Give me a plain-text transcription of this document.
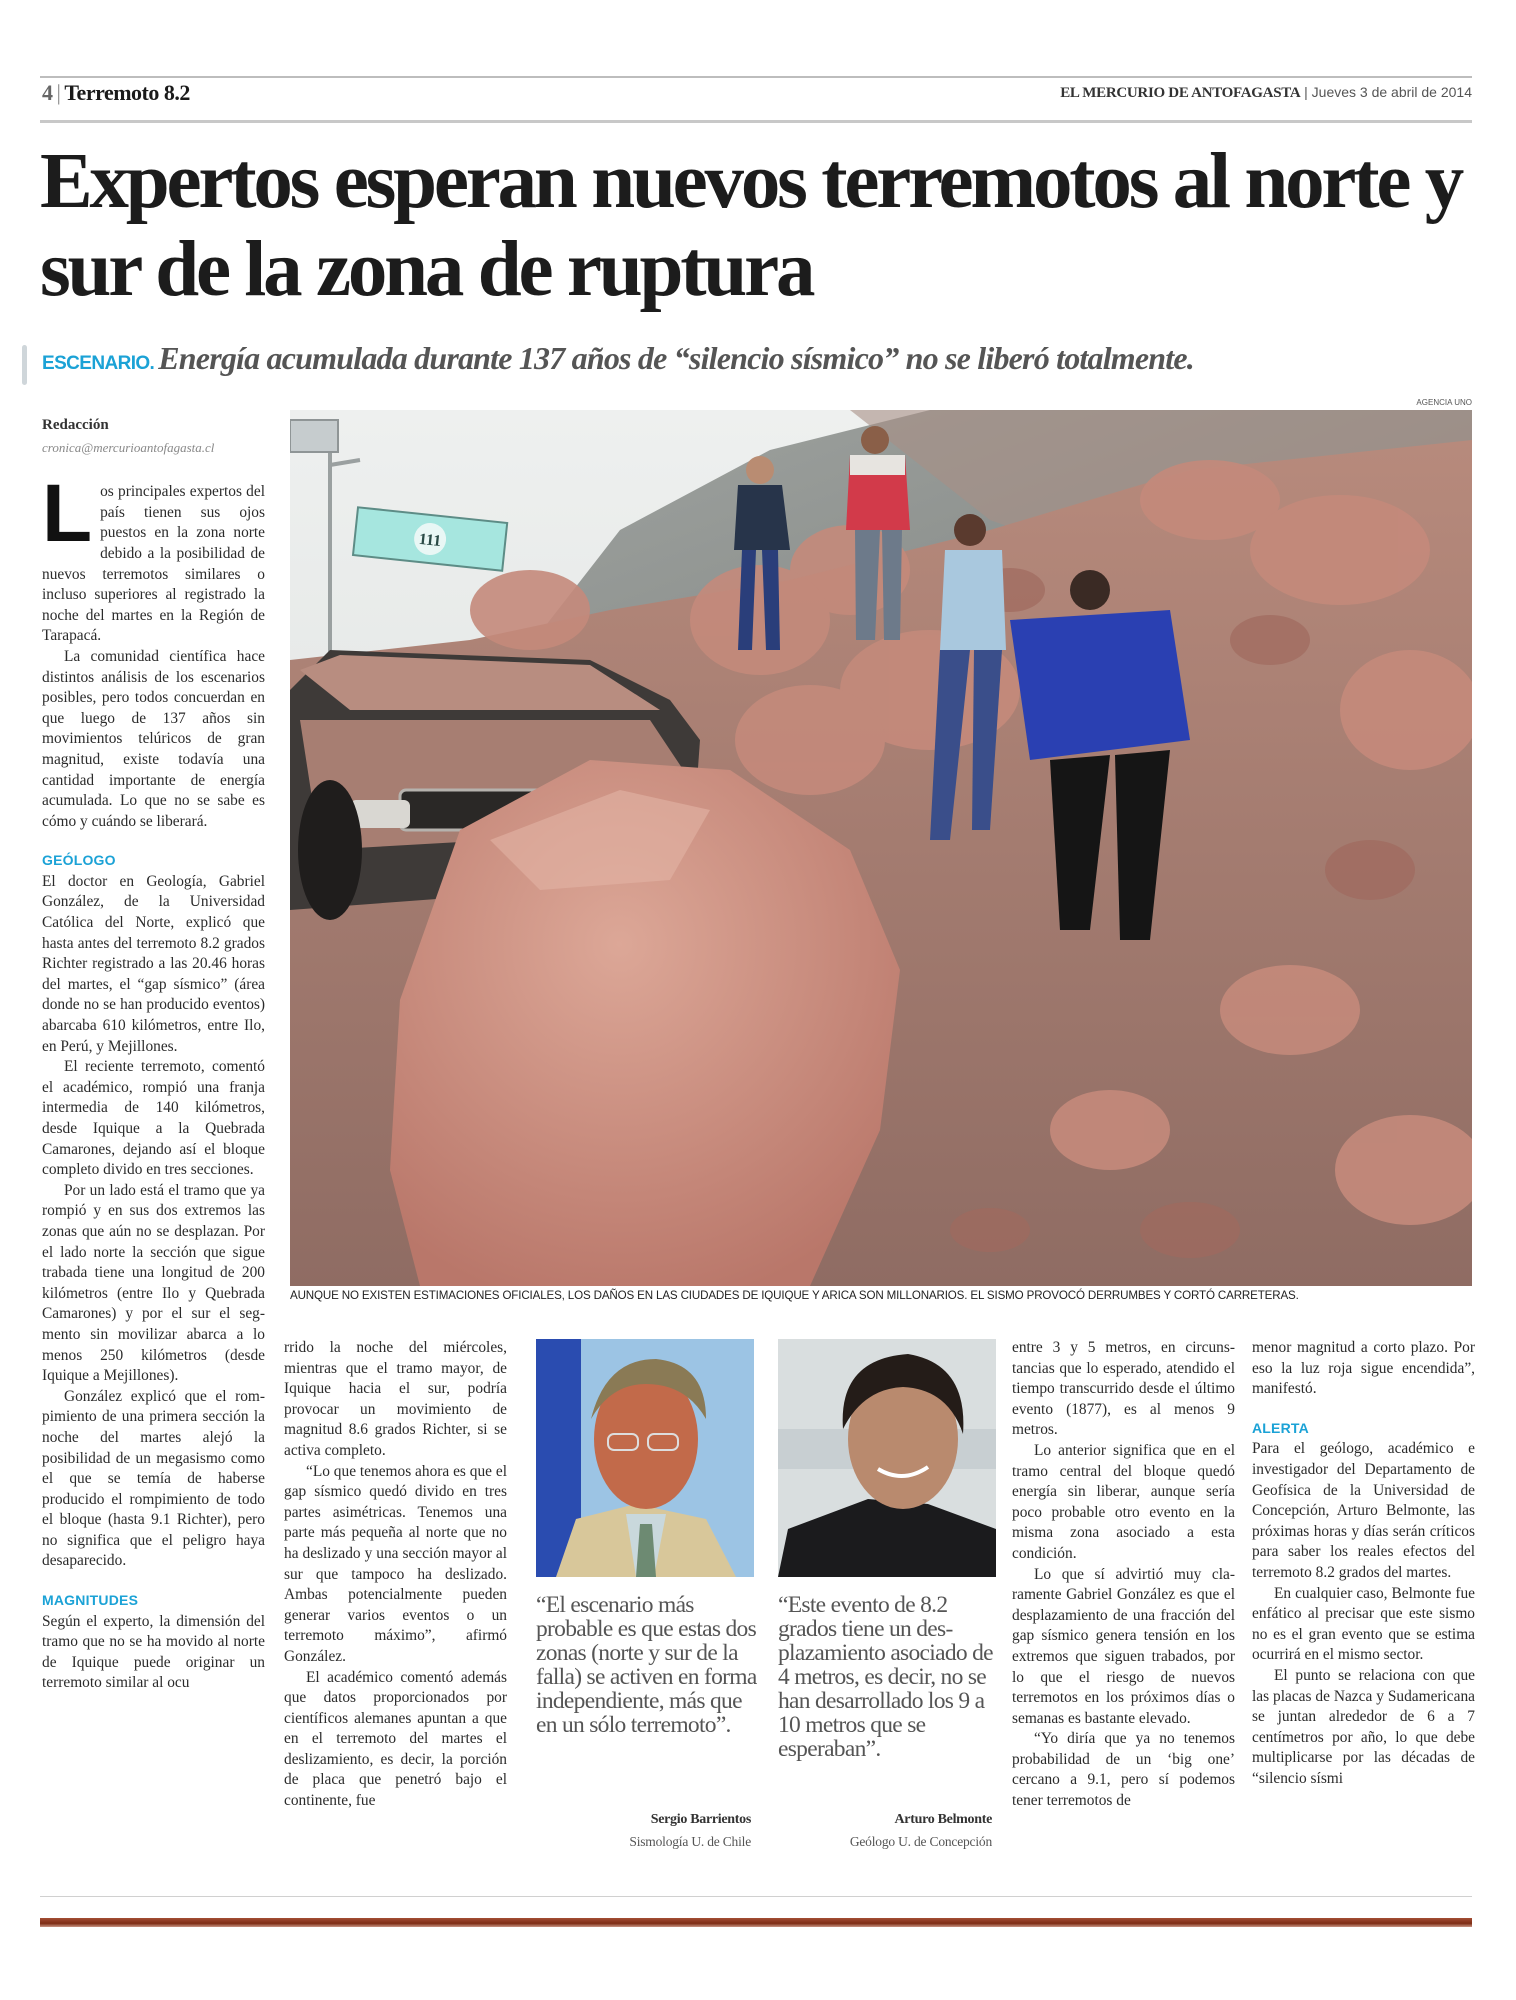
4 | Terremoto 8.2	EL MERCURIO DE ANTOFAGASTA | Jueves 3 de abril de 2014
Expertos esperan nuevos terremotos al norte y sur de la zona de ruptura
ESCENARIO. Energía acumulada durante 137 años de “silencio sísmico” no se liberó totalmente.
AGENCIA UNO
111
AUNQUE NO EXISTEN ESTIMACIONES OFICIALES, LOS DAÑOS EN LAS CIUDADES DE IQUIQUE Y ARICA SON MILLONARIOS. EL SISMO PROVOCÓ DERRUMBES Y CORTÓ CARRETERAS.
Redacción
cronica@mercurioantofagasta.cl

Los principales expertos del país tienen sus ojos puestos en la zona norte debido a la posibilidad de nuevos terremotos similares o incluso superiores al registrado la noche del martes en la Región de Tarapacá.

La comunidad científica hace distintos análisis de los escenarios posibles, pero todos concuerdan en que luego de 137 años sin movimientos telúricos de gran magnitud, existe todavía una cantidad importante de energía acumulada. Lo que no se sabe es cómo y cuándo se liberará.

GEÓLOGO

El doctor en Geología, Gabriel González, de la Universidad Católica del Norte, explicó que hasta antes del terremoto 8.2 grados Richter registrado a las 20.46 horas del martes, el “gap sísmico” (área donde no se han producido eventos) abarcaba 610 kilómetros, entre Ilo, en Perú, y Mejillones.

El reciente terremoto, comentó el académico, rompió una franja intermedia de 140 kilómetros, desde Iquique a la Quebrada Camarones, dejando así el bloque completo divido en tres secciones.

Por un lado está el tramo que ya rompió y en sus dos extremos las zonas que aún no se desplazan. Por el lado norte la sección que sigue trabada tiene una longitud de 200 kilómetros (entre Ilo y Quebrada Camarones) y por el sur el segmento sin movilizar abarca a lo menos 250 kilómetros (desde Iquique a Mejillones).

González explicó que el rompimiento de una primera sección la noche del martes alejó la posibilidad de un megasismo como el que se temía de haberse producido el rompimiento de todo el bloque (hasta 9.1 Richter), pero no significa que el peligro haya desaparecido.

MAGNITUDES

Según el experto, la dimensión del tramo que no se ha movido al norte de Iquique puede originar un terremoto similar al ocu

rrido la noche del miércoles, mientras que el tramo mayor, de Iquique hacia el sur, podría provocar un movimiento de magnitud 8.6 grados Richter, si se activa completo.

“Lo que tenemos ahora es que el gap sísmico quedó divido en tres partes asimétricas. Tenemos una parte más pequeña al norte que no ha deslizado y una sección mayor al sur que tampoco ha deslizado. Ambas potencialmente pueden generar varios eventos o un terremoto máximo”, afirmó González.

El académico comentó además que datos proporcionados por científicos alemanes apuntan a que en el terremoto del martes el deslizamiento, es decir, la porción de placa que penetró bajo el continente, fue

“El escenario más probable es que estas dos zonas (norte y sur de la falla) se activen en forma independiente, más que en un sólo terremoto”.
“Este evento de 8.2 grados tiene un desplazamiento asociado de 4 metros, es decir, no se han desarrollado los 9 a 10 metros que se esperaban”.
Sergio Barrientos
Sismología U. de Chile
Arturo Belmonte
Geólogo U. de Concepción

entre 3 y 5 metros, en circunstancias que lo esperado, atendido el tiempo transcurrido desde el último evento (1877), es al menos 9 metros.

Lo anterior significa que en el tramo central del bloque quedó energía sin liberar, aunque sería poco probable otro evento en la misma zona asociado a esta condición.

Lo que sí advirtió muy claramente Gabriel González es que el desplazamiento de una fracción del gap sísmico genera tensión en los extremos que siguen trabados, por lo que el riesgo de nuevos terremotos en los próximos días o semanas es bastante elevado.

“Yo diría que ya no tenemos probabilidad de un ‘big one’ cercano a 9.1, pero sí podemos tener terremotos de

menor magnitud a corto plazo. Por eso la luz roja sigue encendida”, manifestó.

ALERTA

Para el geólogo, académico e investigador del Departamento de Geofísica de la Universidad de Concepción, Arturo Belmonte, las próximas horas y días serán críticos para saber los reales efectos del terremoto 8.2 grados del martes.

En cualquier caso, Belmonte fue enfático al precisar que este sismo no es el gran evento que se estima ocurrirá en el mismo sector.

El punto se relaciona con que las placas de Nazca y Sudamericana se juntan alrededor de 6 a 7 centímetros por año, lo que debe multiplicarse por las décadas de “silencio sísmi
